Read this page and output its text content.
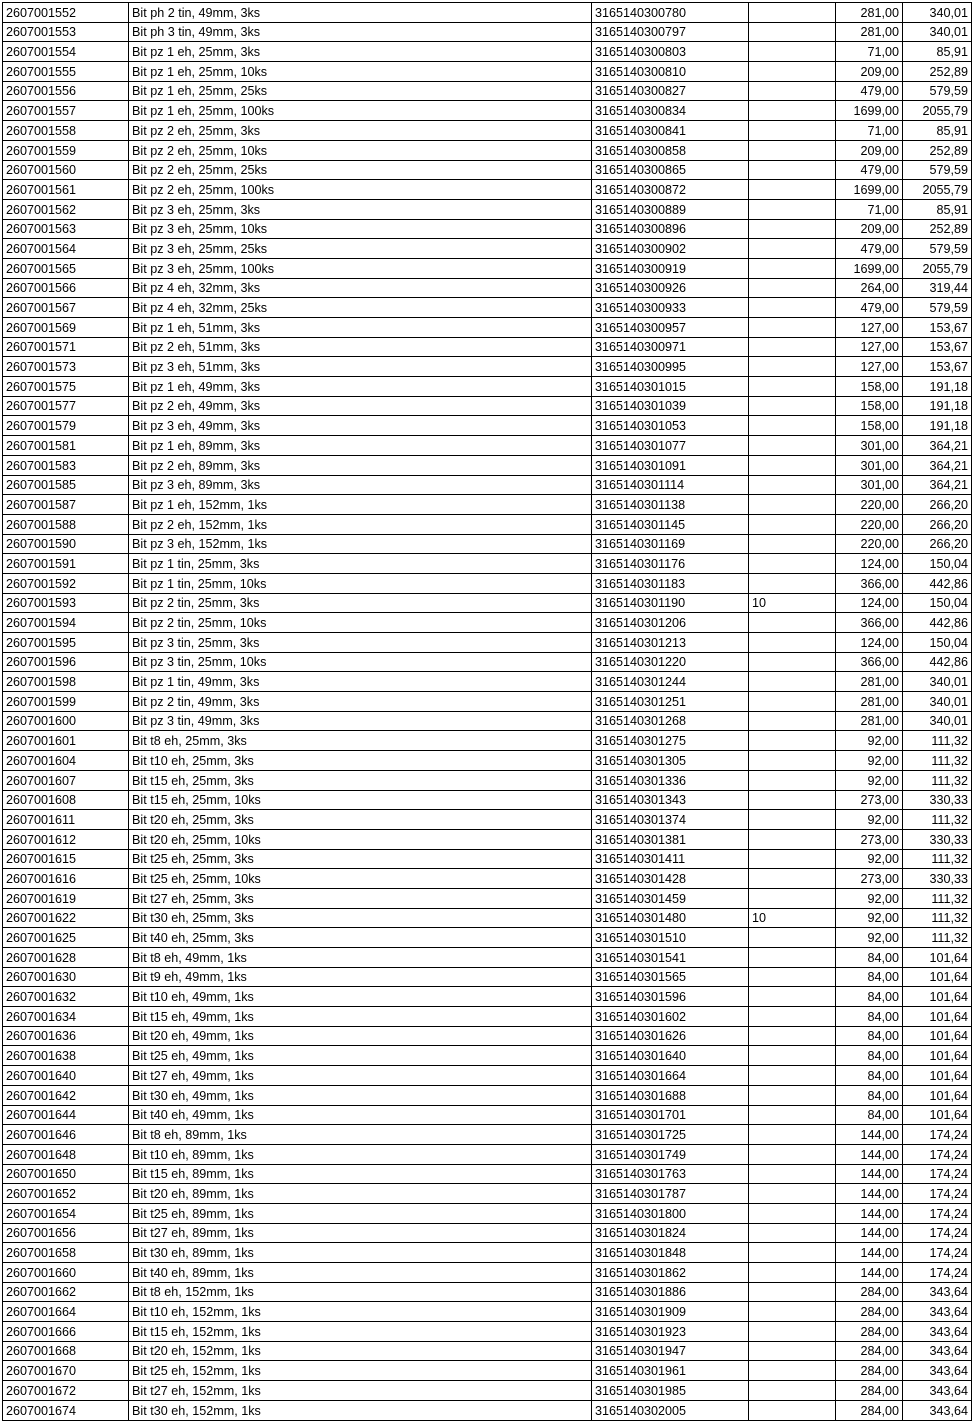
2607001552	Bit ph 2 tin, 49mm, 3ks	3165140300780		281,00	340,01
2607001553	Bit ph 3 tin, 49mm, 3ks	3165140300797		281,00	340,01
2607001554	Bit pz 1 eh, 25mm, 3ks	3165140300803		71,00	85,91
2607001555	Bit pz 1 eh, 25mm, 10ks	3165140300810		209,00	252,89
2607001556	Bit pz 1 eh, 25mm, 25ks	3165140300827		479,00	579,59
2607001557	Bit pz 1 eh, 25mm, 100ks	3165140300834		1699,00	2055,79
2607001558	Bit pz 2 eh, 25mm, 3ks	3165140300841		71,00	85,91
2607001559	Bit pz 2 eh, 25mm, 10ks	3165140300858		209,00	252,89
2607001560	Bit pz 2 eh, 25mm, 25ks	3165140300865		479,00	579,59
2607001561	Bit pz 2 eh, 25mm, 100ks	3165140300872		1699,00	2055,79
2607001562	Bit pz 3 eh, 25mm, 3ks	3165140300889		71,00	85,91
2607001563	Bit pz 3 eh, 25mm, 10ks	3165140300896		209,00	252,89
2607001564	Bit pz 3 eh, 25mm, 25ks	3165140300902		479,00	579,59
2607001565	Bit pz 3 eh, 25mm, 100ks	3165140300919		1699,00	2055,79
2607001566	Bit pz 4 eh, 32mm, 3ks	3165140300926		264,00	319,44
2607001567	Bit pz 4 eh, 32mm, 25ks	3165140300933		479,00	579,59
2607001569	Bit pz 1 eh, 51mm, 3ks	3165140300957		127,00	153,67
2607001571	Bit pz 2 eh, 51mm, 3ks	3165140300971		127,00	153,67
2607001573	Bit pz 3 eh, 51mm, 3ks	3165140300995		127,00	153,67
2607001575	Bit pz 1 eh, 49mm, 3ks	3165140301015		158,00	191,18
2607001577	Bit pz 2 eh, 49mm, 3ks	3165140301039		158,00	191,18
2607001579	Bit pz 3 eh, 49mm, 3ks	3165140301053		158,00	191,18
2607001581	Bit pz 1 eh, 89mm, 3ks	3165140301077		301,00	364,21
2607001583	Bit pz 2 eh, 89mm, 3ks	3165140301091		301,00	364,21
2607001585	Bit pz 3 eh, 89mm, 3ks	3165140301114		301,00	364,21
2607001587	Bit pz 1 eh, 152mm, 1ks	3165140301138		220,00	266,20
2607001588	Bit pz 2 eh, 152mm, 1ks	3165140301145		220,00	266,20
2607001590	Bit pz 3 eh, 152mm, 1ks	3165140301169		220,00	266,20
2607001591	Bit pz 1 tin, 25mm, 3ks	3165140301176		124,00	150,04
2607001592	Bit pz 1 tin, 25mm, 10ks	3165140301183		366,00	442,86
2607001593	Bit pz 2 tin, 25mm, 3ks	3165140301190	10	124,00	150,04
2607001594	Bit pz 2 tin, 25mm, 10ks	3165140301206		366,00	442,86
2607001595	Bit pz 3 tin, 25mm, 3ks	3165140301213		124,00	150,04
2607001596	Bit pz 3 tin, 25mm, 10ks	3165140301220		366,00	442,86
2607001598	Bit pz 1 tin, 49mm, 3ks	3165140301244		281,00	340,01
2607001599	Bit pz 2 tin, 49mm, 3ks	3165140301251		281,00	340,01
2607001600	Bit pz 3 tin, 49mm, 3ks	3165140301268		281,00	340,01
2607001601	Bit t8 eh, 25mm, 3ks	3165140301275		92,00	111,32
2607001604	Bit t10 eh, 25mm, 3ks	3165140301305		92,00	111,32
2607001607	Bit t15 eh, 25mm, 3ks	3165140301336		92,00	111,32
2607001608	Bit t15 eh, 25mm, 10ks	3165140301343		273,00	330,33
2607001611	Bit t20 eh, 25mm, 3ks	3165140301374		92,00	111,32
2607001612	Bit t20 eh, 25mm, 10ks	3165140301381		273,00	330,33
2607001615	Bit t25 eh, 25mm, 3ks	3165140301411		92,00	111,32
2607001616	Bit t25 eh, 25mm, 10ks	3165140301428		273,00	330,33
2607001619	Bit t27 eh, 25mm, 3ks	3165140301459		92,00	111,32
2607001622	Bit t30 eh, 25mm, 3ks	3165140301480	10	92,00	111,32
2607001625	Bit t40 eh, 25mm, 3ks	3165140301510		92,00	111,32
2607001628	Bit t8 eh, 49mm, 1ks	3165140301541		84,00	101,64
2607001630	Bit t9 eh, 49mm, 1ks	3165140301565		84,00	101,64
2607001632	Bit t10 eh, 49mm, 1ks	3165140301596		84,00	101,64
2607001634	Bit t15 eh, 49mm, 1ks	3165140301602		84,00	101,64
2607001636	Bit t20 eh, 49mm, 1ks	3165140301626		84,00	101,64
2607001638	Bit t25 eh, 49mm, 1ks	3165140301640		84,00	101,64
2607001640	Bit t27 eh, 49mm, 1ks	3165140301664		84,00	101,64
2607001642	Bit t30 eh, 49mm, 1ks	3165140301688		84,00	101,64
2607001644	Bit t40 eh, 49mm, 1ks	3165140301701		84,00	101,64
2607001646	Bit t8 eh, 89mm, 1ks	3165140301725		144,00	174,24
2607001648	Bit t10 eh, 89mm, 1ks	3165140301749		144,00	174,24
2607001650	Bit t15 eh, 89mm, 1ks	3165140301763		144,00	174,24
2607001652	Bit t20 eh, 89mm, 1ks	3165140301787		144,00	174,24
2607001654	Bit t25 eh, 89mm, 1ks	3165140301800		144,00	174,24
2607001656	Bit t27 eh, 89mm, 1ks	3165140301824		144,00	174,24
2607001658	Bit t30 eh, 89mm, 1ks	3165140301848		144,00	174,24
2607001660	Bit t40 eh, 89mm, 1ks	3165140301862		144,00	174,24
2607001662	Bit t8 eh, 152mm, 1ks	3165140301886		284,00	343,64
2607001664	Bit t10 eh, 152mm, 1ks	3165140301909		284,00	343,64
2607001666	Bit t15 eh, 152mm, 1ks	3165140301923		284,00	343,64
2607001668	Bit t20 eh, 152mm, 1ks	3165140301947		284,00	343,64
2607001670	Bit t25 eh, 152mm, 1ks	3165140301961		284,00	343,64
2607001672	Bit t27 eh, 152mm, 1ks	3165140301985		284,00	343,64
2607001674	Bit t30 eh, 152mm, 1ks	3165140302005		284,00	343,64
